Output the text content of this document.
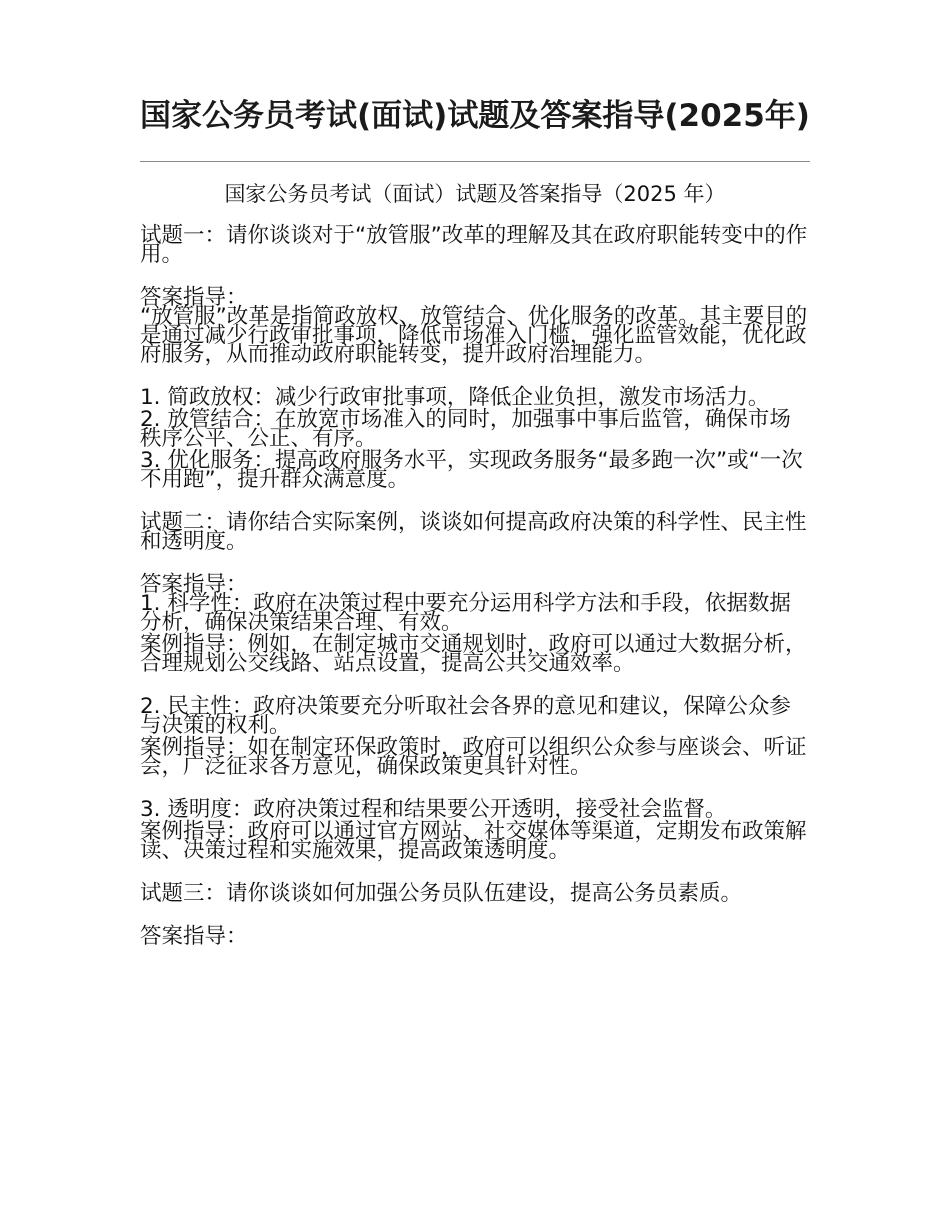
国家公务员考试(面试)试题及答案指导(2025年)
国家公务员考试（面试）试题及答案指导（2025 年）

试题一：请你谈谈对于“放管服”改革的理解及其在政府职能转变中的作用。

答案指导：

“放管服”改革是指简政放权、放管结合、优化服务的改革。其主要目的是通过减少行政审批事项，降低市场准入门槛，强化监管效能，优化政府服务，从而推动政府职能转变，提升政府治理能力。

1. 简政放权：减少行政审批事项，降低企业负担，激发市场活力。

2. 放管结合：在放宽市场准入的同时，加强事中事后监管，确保市场秩序公平、公正、有序。

3. 优化服务：提高政府服务水平，实现政务服务“最多跑一次”或“一次不用跑”，提升群众满意度。

试题二：请你结合实际案例，谈谈如何提高政府决策的科学性、民主性和透明度。

答案指导：

1. 科学性：政府在决策过程中要充分运用科学方法和手段，依据数据分析，确保决策结果合理、有效。

案例指导：例如，在制定城市交通规划时，政府可以通过大数据分析，合理规划公交线路、站点设置，提高公共交通效率。

2. 民主性：政府决策要充分听取社会各界的意见和建议，保障公众参与决策的权利。

案例指导：如在制定环保政策时，政府可以组织公众参与座谈会、听证会，广泛征求各方意见，确保政策更具针对性。

3. 透明度：政府决策过程和结果要公开透明，接受社会监督。

案例指导：政府可以通过官方网站、社交媒体等渠道，定期发布政策解读、决策过程和实施效果，提高政策透明度。

试题三：请你谈谈如何加强公务员队伍建设，提高公务员素质。

答案指导：
